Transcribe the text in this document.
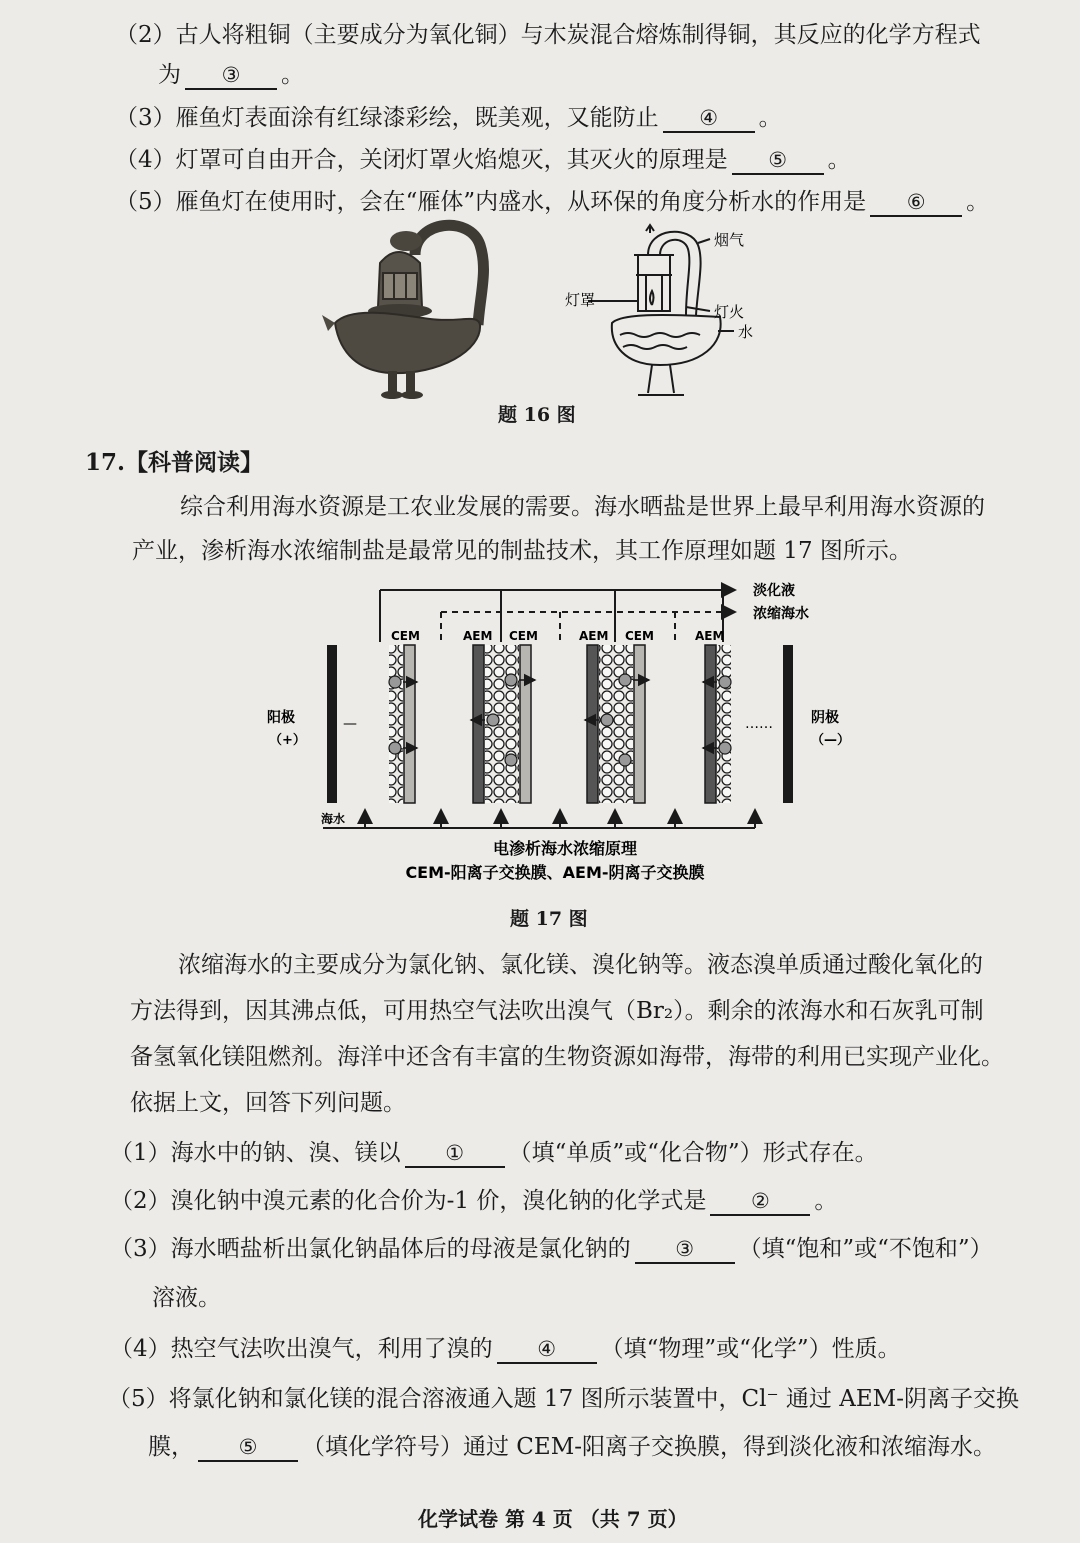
（2）古人将粗铜（主要成分为氧化铜）与木炭混合熔炼制得铜，其反应的化学方程式
为 ③ 。
（3）雁鱼灯表面涂有红绿漆彩绘，既美观，又能防止 ④ 。
（4）灯罩可自由开合，关闭灯罩火焰熄灭，其灭火的原理是 ⑤ 。
（5）雁鱼灯在使用时，会在“雁体”内盛水，从环保的角度分析水的作用是 ⑥ 。
烟气
灯罩
灯火
水
题 16 图
17.【科普阅读】
综合利用海水资源是工农业发展的需要。海水晒盐是世界上最早利用海水资源的
产业，渗析海水浓缩制盐是最常见的制盐技术，其工作原理如题 17 图所示。
淡化液
浓缩海水
CEM	AEM CEM	AEM CEM	AEM
阳极
（+）
阴极
（—）
—	……
海水
电渗析海水浓缩原理
CEM-阳离子交换膜、AEM-阴离子交换膜
题 17 图
浓缩海水的主要成分为氯化钠、氯化镁、溴化钠等。液态溴单质通过酸化氧化的
方法得到，因其沸点低，可用热空气法吹出溴气（Br₂）。剩余的浓海水和石灰乳可制
备氢氧化镁阻燃剂。海洋中还含有丰富的生物资源如海带，海带的利用已实现产业化。
依据上文，回答下列问题。
（1）海水中的钠、溴、镁以 ① （填“单质”或“化合物”）形式存在。
（2）溴化钠中溴元素的化合价为-1 价，溴化钠的化学式是 ② 。
（3）海水晒盐析出氯化钠晶体后的母液是氯化钠的 ③ （填“饱和”或“不饱和”）
溶液。
（4）热空气法吹出溴气，利用了溴的 ④ （填“物理”或“化学”）性质。
（5）将氯化钠和氯化镁的混合溶液通入题 17 图所示装置中，Cl⁻ 通过 AEM-阴离子交换
膜， ⑤ （填化学符号）通过 CEM-阳离子交换膜，得到淡化液和浓缩海水。
化学试卷 第 4 页 （共 7 页）
